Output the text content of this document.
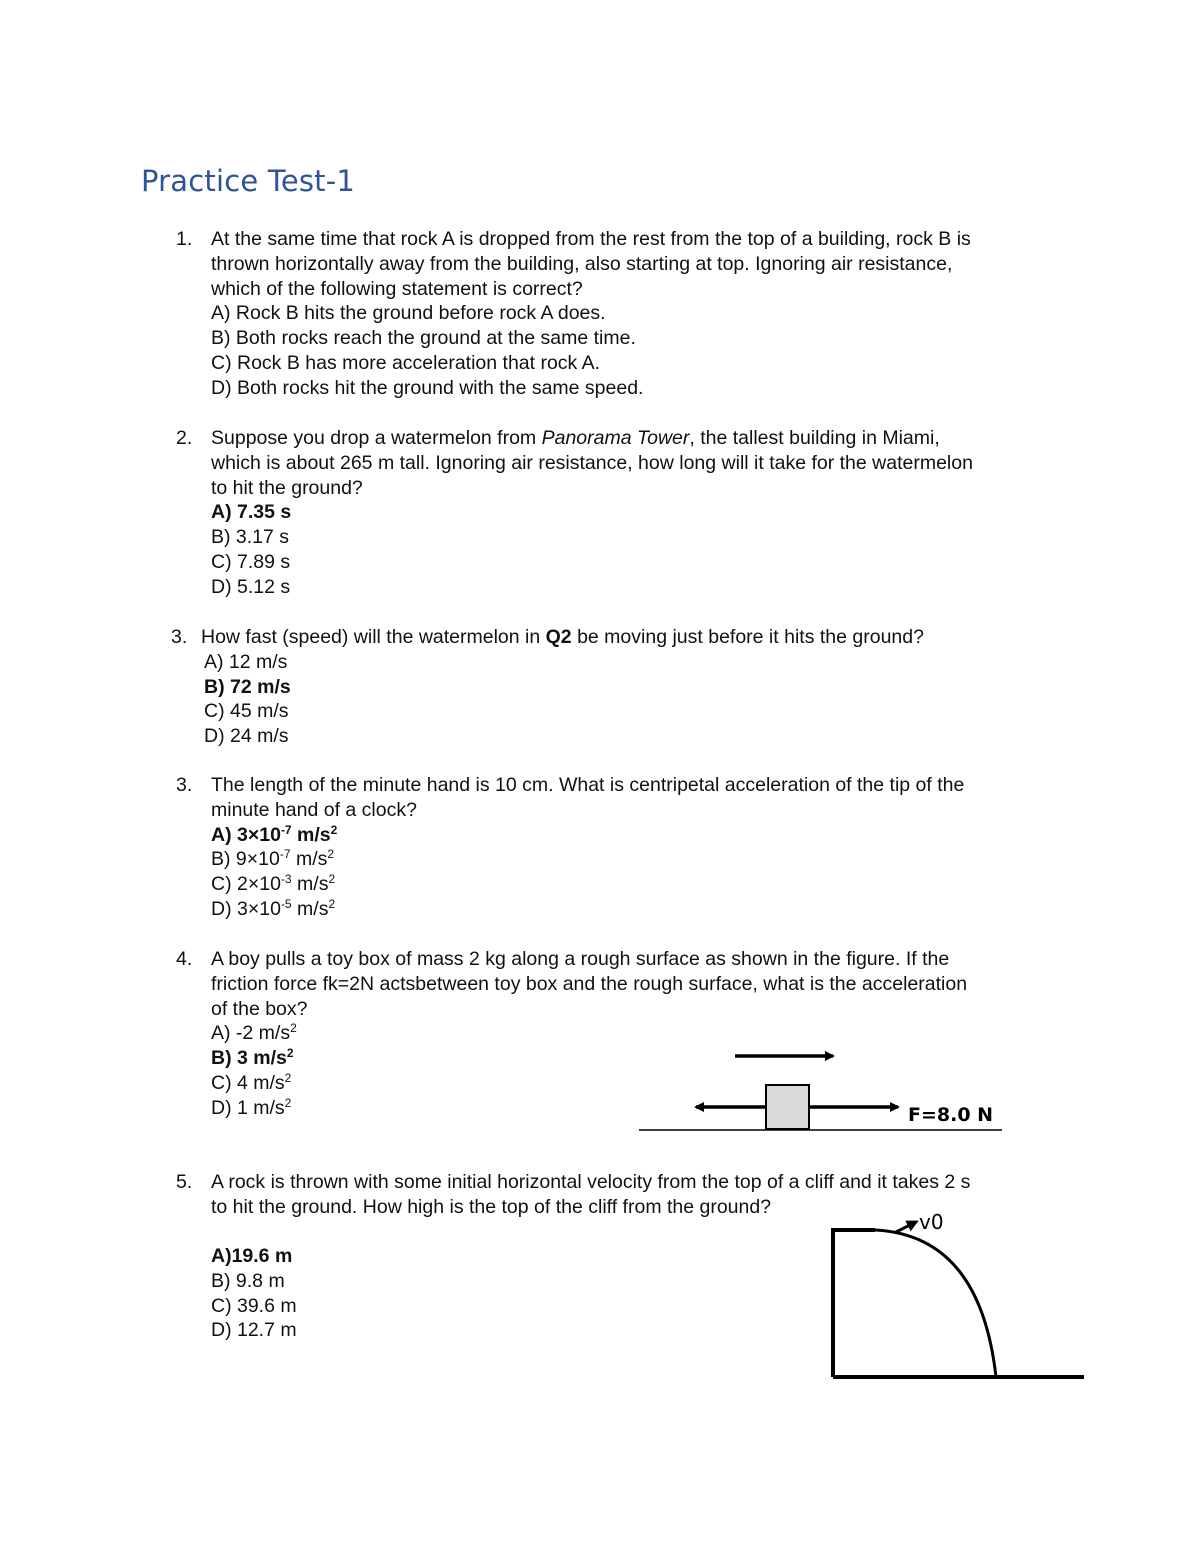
Practice Test-1
1. At the same time that rock A is dropped from the rest from the top of a building, rock B is
thrown horizontally away from the building, also starting at top. Ignoring air resistance,
which of the following statement is correct?
A) Rock B hits the ground before rock A does.
B) Both rocks reach the ground at the same time.
C) Rock B has more acceleration that rock A.
D) Both rocks hit the ground with the same speed.
2. Suppose you drop a watermelon from Panorama Tower, the tallest building in Miami,
which is about 265 m tall. Ignoring air resistance, how long will it take for the watermelon
to hit the ground?
A) 7.35 s
B) 3.17 s
C) 7.89 s
D) 5.12 s
3. How fast (speed) will the watermelon in Q2 be moving just before it hits the ground?
A) 12 m/s
B) 72 m/s
C) 45 m/s
D) 24 m/s
3. The length of the minute hand is 10 cm. What is centripetal acceleration of the tip of the
minute hand of a clock?
A) $3\times 10^{-7}$ $m/s^2$
B) $9\times 10^{-7}$ $m/s^2$
C) $2\times 10^{-3}$ $m/s^2$
D) $3\times 10^{-5}$ $m/s^2$
4. A boy pulls a toy box of mass 2 kg along a rough surface as shown in the figure. If the
friction force fk=2N actsbetween toy box and the rough surface, what is the acceleration
of the box?
A) -2 $m/s^2$
B) 3 $m/s^2$
C) 4 $m/s^2$
D) 1 $m/s^2$
F=8.0 N
5. A rock is thrown with some initial horizontal velocity from the top of a cliff and it takes 2 s
to hit the ground. How high is the top of the cliff from the ground?
A)19.6 m
B) 9.8 m
C) 39.6 m
D) 12.7 m
v0
